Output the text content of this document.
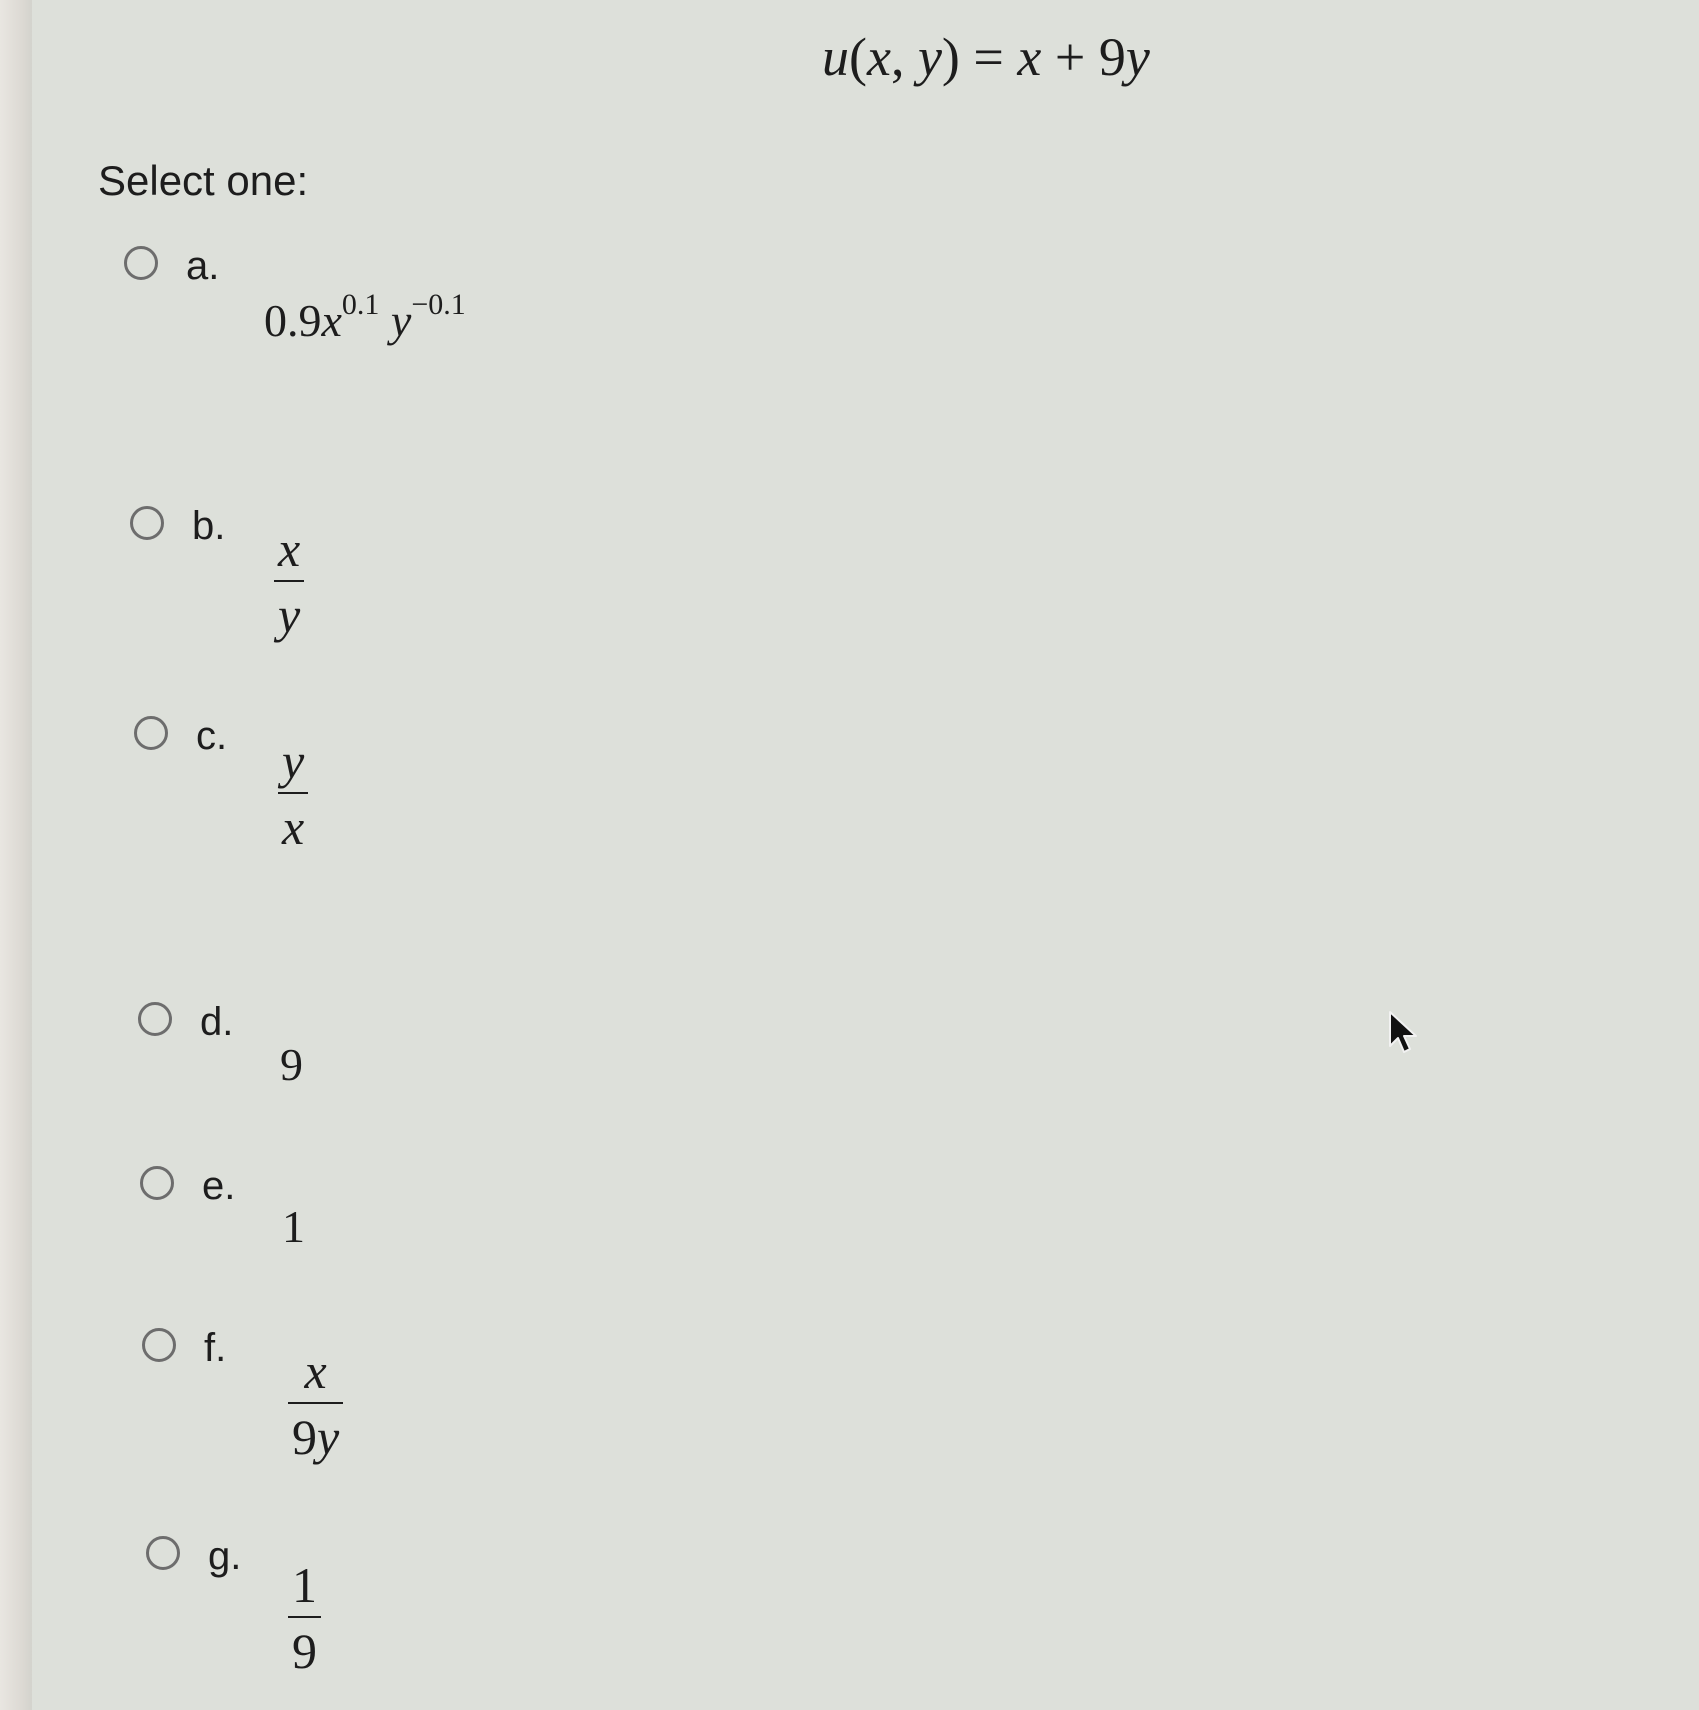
u(x, y) = x + 9y
Select one:
a.
$0.9x^{0.1}$ $y^{-0.1}$
b. x
y
c. y
x
d.
9
e.
1
f. x
9y
g.
1
9
